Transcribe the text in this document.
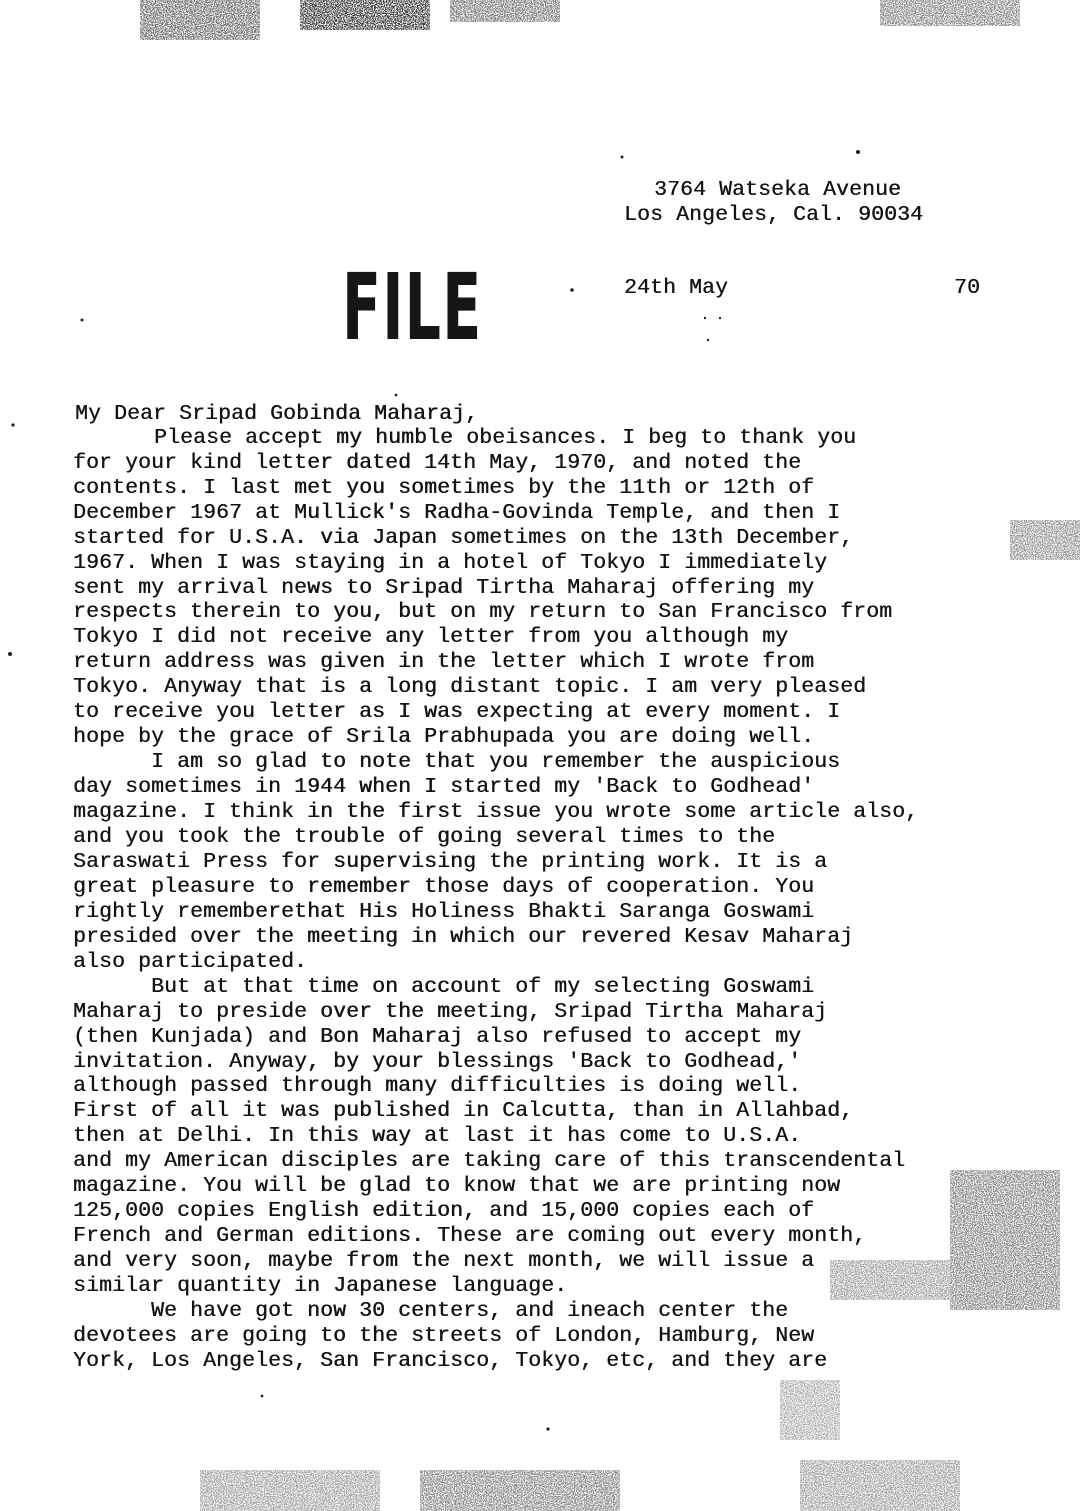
3764 Watseka Avenue
Los Angeles, Cal. 90034
FILE	24th May	70
My Dear Sripad Gobinda Maharaj,
Please accept my humble obeisances. I beg to thank you
for your kind letter dated 14th May, 1970, and noted the
contents. I last met you sometimes by the 11th or 12th of
December 1967 at Mullick's Radha-Govinda Temple, and then I
started for U.S.A. via Japan sometimes on the 13th December,
1967. When I was staying in a hotel of Tokyo I immediately
sent my arrival news to Sripad Tirtha Maharaj offering my
respects therein to you, but on my return to San Francisco from
Tokyo I did not receive any letter from you although my
return address was given in the letter which I wrote from
Tokyo. Anyway that is a long distant topic. I am very pleased
to receive you letter as I was expecting at every moment. I
hope by the grace of Srila Prabhupada you are doing well.
I am so glad to note that you remember the auspicious
day sometimes in 1944 when I started my 'Back to Godhead'
magazine. I think in the first issue you wrote some article also,
and you took the trouble of going several times to the
Saraswati Press for supervising the printing work. It is a
great pleasure to remember those days of cooperation. You
rightly rememberethat His Holiness Bhakti Saranga Goswami
presided over the meeting in which our revered Kesav Maharaj
also participated.
But at that time on account of my selecting Goswami
Maharaj to preside over the meeting, Sripad Tirtha Maharaj
(then Kunjada) and Bon Maharaj also refused to accept my
invitation. Anyway, by your blessings 'Back to Godhead,'
although passed through many difficulties is doing well.
First of all it was published in Calcutta, than in Allahbad,
then at Delhi. In this way at last it has come to U.S.A.
and my American disciples are taking care of this transcendental
magazine. You will be glad to know that we are printing now
125,000 copies English edition, and 15,000 copies each of
French and German editions. These are coming out every month,
and very soon, maybe from the next month, we will issue a
similar quantity in Japanese language.
We have got now 30 centers, and ineach center the
devotees are going to the streets of London, Hamburg, New
York, Los Angeles, San Francisco, Tokyo, etc, and they are
